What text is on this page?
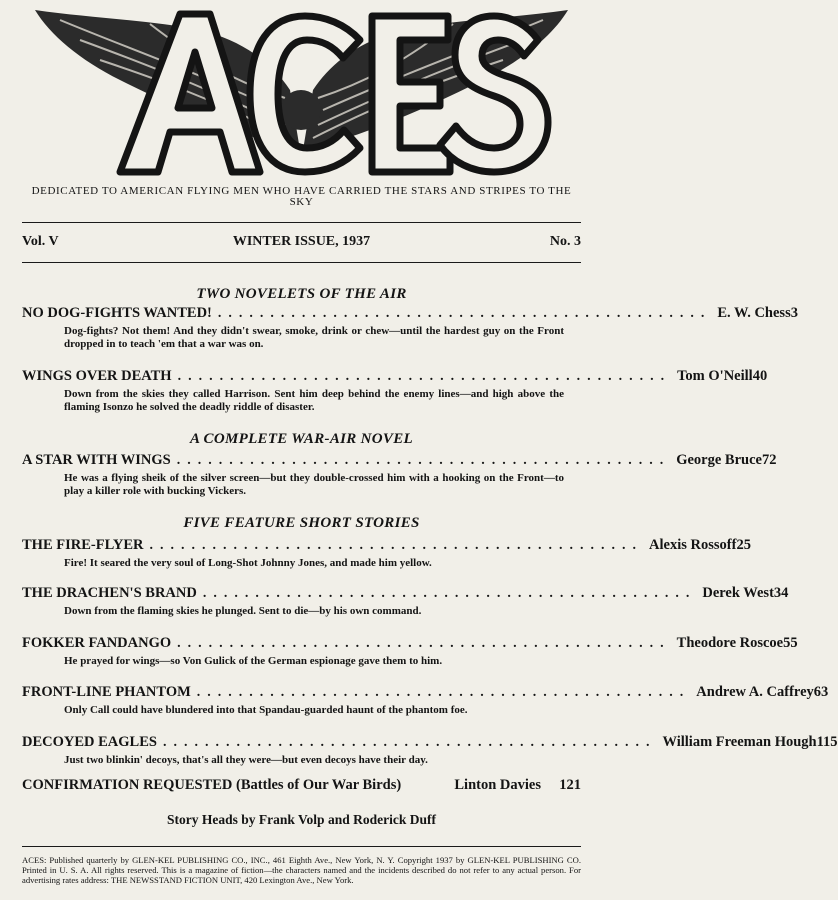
DEDICATED TO AMERICAN FLYING MEN WHO HAVE CARRIED THE STARS AND STRIPES TO THE SKY
Vol. V	WINTER ISSUE, 1937	No. 3
TWO NOVELETS OF THE AIR
NO DOG-FIGHTS WANTED! ............................................... E. W. Chess 3
Dog-fights? Not them! And they didn't swear, smoke, drink or chew—until the hardest guy on the Front dropped in to teach 'em that a war was on.
WINGS OVER DEATH ............................................... Tom O'Neill 40
Down from the skies they called Harrison. Sent him deep behind the enemy lines—and high above the flaming Isonzo he solved the deadly riddle of disaster.
A COMPLETE WAR-AIR NOVEL
A STAR WITH WINGS ............................................... George Bruce 72
He was a flying sheik of the silver screen—but they double-crossed him with a hooking on the Front—to play a killer role with bucking Vickers.
FIVE FEATURE SHORT STORIES
THE FIRE-FLYER ............................................... Alexis Rossoff 25
Fire! It seared the very soul of Long-Shot Johnny Jones, and made him yellow.
THE DRACHEN'S BRAND ............................................... Derek West 34
Down from the flaming skies he plunged. Sent to die—by his own command.
FOKKER FANDANGO ............................................... Theodore Roscoe 55
He prayed for wings—so Von Gulick of the German espionage gave them to him.
FRONT-LINE PHANTOM ............................................... Andrew A. Caffrey 63
Only Call could have blundered into that Spandau-guarded haunt of the phantom foe.
DECOYED EAGLES ............................................... William Freeman Hough 115
Just two blinkin' decoys, that's all they were—but even decoys have their day.
CONFIRMATION REQUESTED (Battles of Our War Birds)	Linton Davies	121
Story Heads by Frank Volp and Roderick Duff
ACES: Published quarterly by GLEN-KEL PUBLISHING CO., INC., 461 Eighth Ave., New York, N. Y. Copyright 1937 by GLEN-KEL PUBLISHING CO. Printed in U. S. A. All rights reserved. This is a magazine of fiction—the characters named and the incidents described do not refer to any actual person. For advertising rates address: THE NEWSSTAND FICTION UNIT, 420 Lexington Ave., New York.
